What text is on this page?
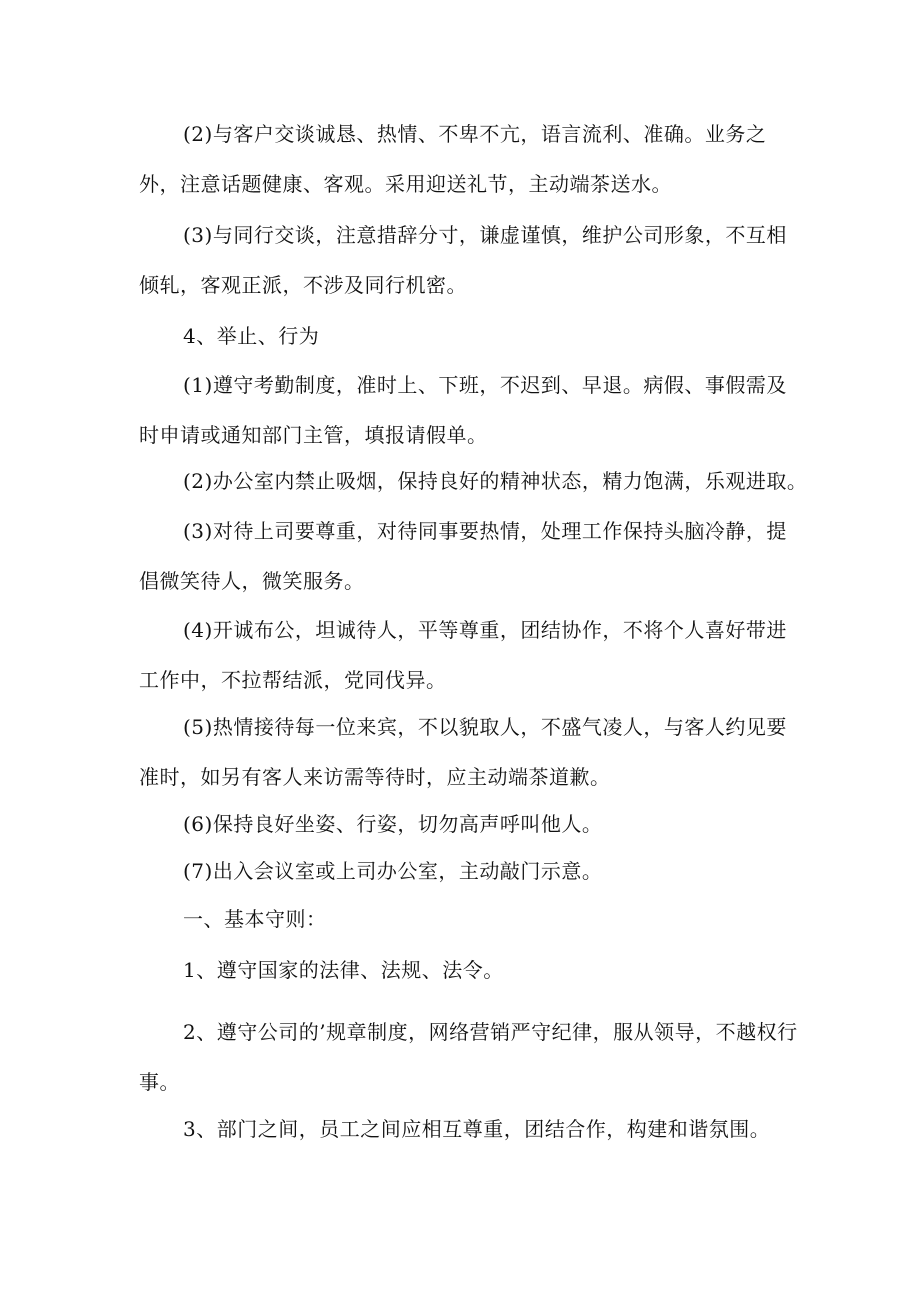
(2)与客户交谈诚恳、热情、不卑不亢，语言流利、准确。业务之外，注意话题健康、客观。采用迎送礼节，主动端茶送水。

(3)与同行交谈，注意措辞分寸，谦虚谨慎，维护公司形象，不互相倾轧，客观正派，不涉及同行机密。

4、举止、行为

(1)遵守考勤制度，准时上、下班，不迟到、早退。病假、事假需及时申请或通知部门主管，填报请假单。

(2)办公室内禁止吸烟，保持良好的精神状态，精力饱满，乐观进取。

(3)对待上司要尊重，对待同事要热情，处理工作保持头脑冷静，提倡微笑待人，微笑服务。

(4)开诚布公，坦诚待人，平等尊重，团结协作，不将个人喜好带进工作中，不拉帮结派，党同伐异。

(5)热情接待每一位来宾，不以貌取人，不盛气凌人，与客人约见要准时，如另有客人来访需等待时，应主动端茶道歉。

(6)保持良好坐姿、行姿，切勿高声呼叫他人。

(7)出入会议室或上司办公室，主动敲门示意。

一、基本守则：

1、遵守国家的法律、法规、法令。

2、遵守公司的’规章制度，网络营销严守纪律，服从领导，不越权行事。

3、部门之间，员工之间应相互尊重，团结合作，构建和谐氛围。
